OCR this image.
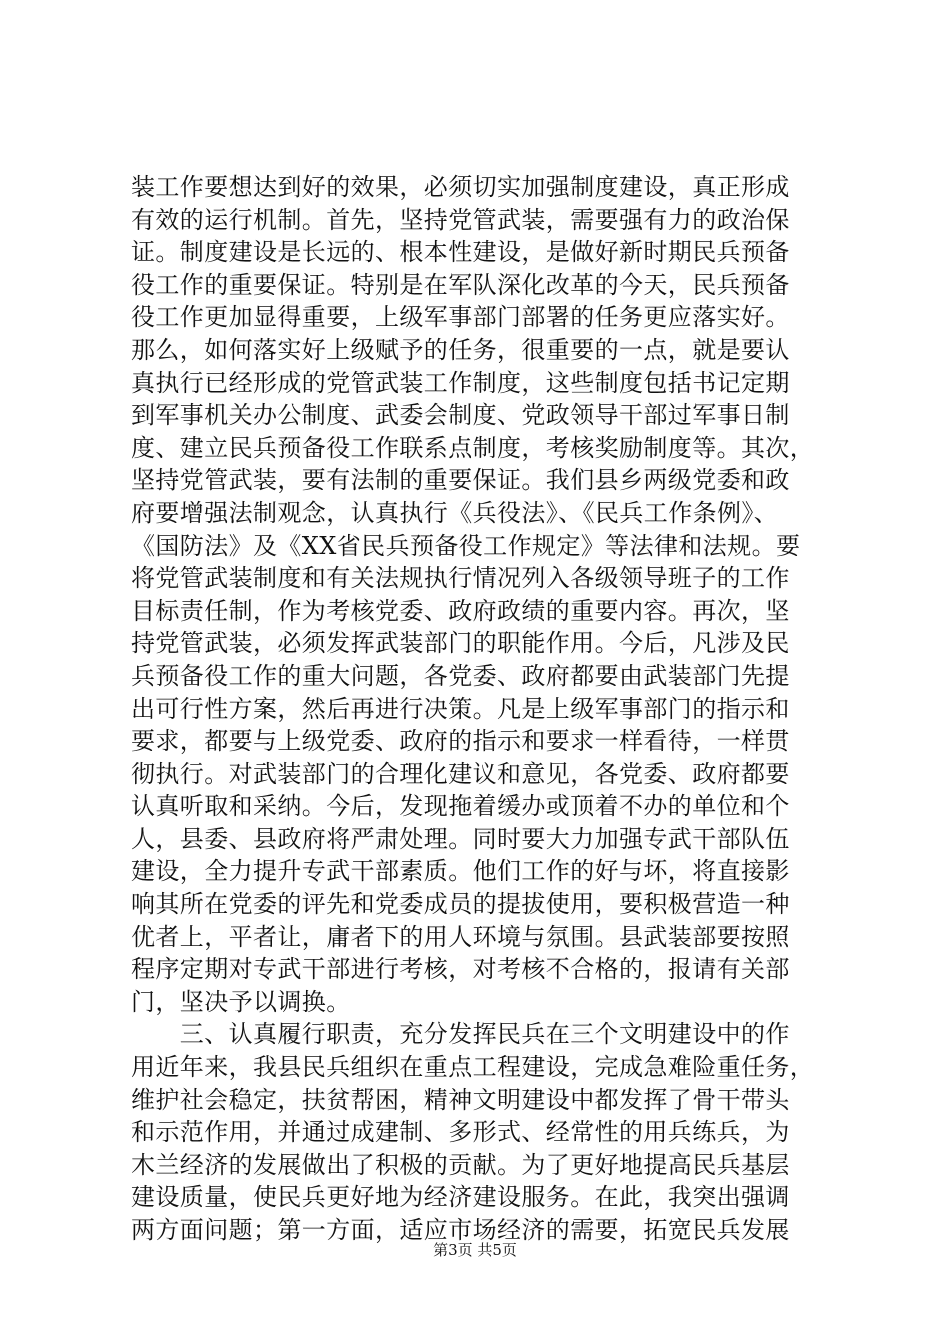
装工作要想达到好的效果，必须切实加强制度建设，真正形成
有效的运行机制。首先，坚持党管武装，需要强有力的政治保
证。制度建设是长远的、根本性建设，是做好新时期民兵预备
役工作的重要保证。特别是在军队深化改革的今天，民兵预备
役工作更加显得重要，上级军事部门部署的任务更应落实好。
那么，如何落实好上级赋予的任务，很重要的一点，就是要认
真执行已经形成的党管武装工作制度，这些制度包括书记定期
到军事机关办公制度、武委会制度、党政领导干部过军事日制
度、建立民兵预备役工作联系点制度，考核奖励制度等。其次，
坚持党管武装，要有法制的重要保证。我们县乡两级党委和政
府要增强法制观念，认真执行《兵役法》、《民兵工作条例》、
《国防法》及《XX省民兵预备役工作规定》等法律和法规。要
将党管武装制度和有关法规执行情况列入各级领导班子的工作
目标责任制，作为考核党委、政府政绩的重要内容。再次，坚
持党管武装，必须发挥武装部门的职能作用。今后，凡涉及民
兵预备役工作的重大问题，各党委、政府都要由武装部门先提
出可行性方案，然后再进行决策。凡是上级军事部门的指示和
要求，都要与上级党委、政府的指示和要求一样看待，一样贯
彻执行。对武装部门的合理化建议和意见，各党委、政府都要
认真听取和采纳。今后，发现拖着缓办或顶着不办的单位和个
人，县委、县政府将严肃处理。同时要大力加强专武干部队伍
建设，全力提升专武干部素质。他们工作的好与坏，将直接影
响其所在党委的评先和党委成员的提拔使用，要积极营造一种
优者上，平者让，庸者下的用人环境与氛围。县武装部要按照
程序定期对专武干部进行考核，对考核不合格的，报请有关部
门，坚决予以调换。
　　三、认真履行职责，充分发挥民兵在三个文明建设中的作
用近年来，我县民兵组织在重点工程建设，完成急难险重任务，
维护社会稳定，扶贫帮困，精神文明建设中都发挥了骨干带头
和示范作用，并通过成建制、多形式、经常性的用兵练兵，为
木兰经济的发展做出了积极的贡献。为了更好地提高民兵基层
建设质量，使民兵更好地为经济建设服务。在此，我突出强调
两方面问题；第一方面，适应市场经济的需要，拓宽民兵发展
第3页 共5页
